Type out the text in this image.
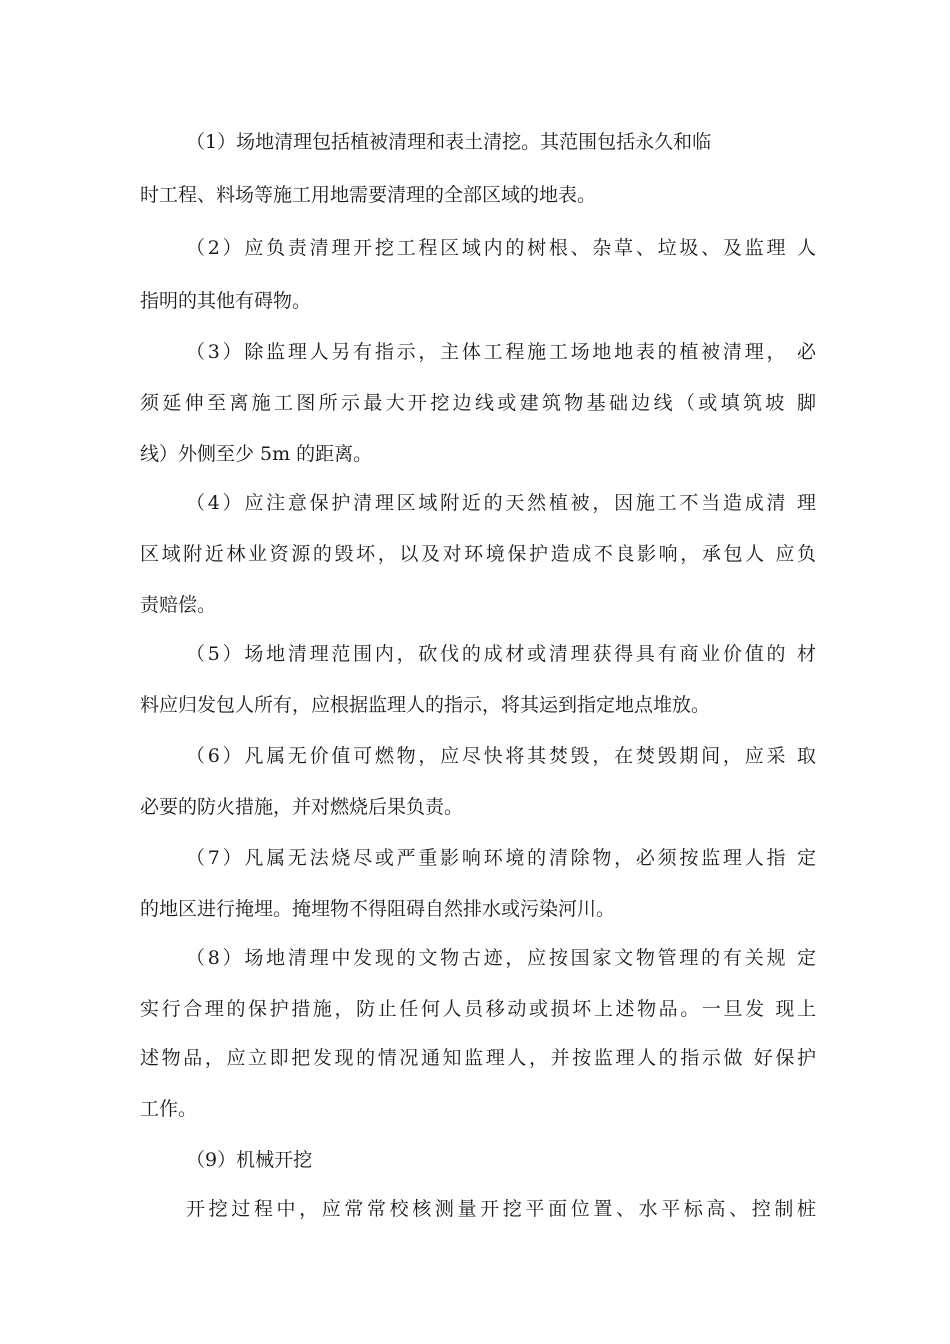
（1）场地清理包括植被清理和表土清挖。其范围包括永久和临
时工程、料场等施工用地需要清理的全部区域的地表。
（2）应负责清理开挖工程区域内的树根、杂草、垃圾、及监理 人
指明的其他有碍物。
（3）除监理人另有指示，主体工程施工场地地表的植被清理， 必
须延伸至离施工图所示最大开挖边线或建筑物基础边线（或填筑坡 脚
线）外侧至少 5m 的距离。
（4）应注意保护清理区域附近的天然植被，因施工不当造成清 理
区域附近林业资源的毁坏，以及对环境保护造成不良影响，承包人 应负
责赔偿。
（5）场地清理范围内，砍伐的成材或清理获得具有商业价值的 材
料应归发包人所有，应根据监理人的指示，将其运到指定地点堆放。
（6）凡属无价值可燃物，应尽快将其焚毁，在焚毁期间，应采 取
必要的防火措施，并对燃烧后果负责。
（7）凡属无法烧尽或严重影响环境的清除物，必须按监理人指 定
的地区进行掩埋。掩埋物不得阻碍自然排水或污染河川。
（8）场地清理中发现的文物古迹，应按国家文物管理的有关规 定
实行合理的保护措施，防止任何人员移动或损坏上述物品。一旦发 现上
述物品，应立即把发现的情况通知监理人，并按监理人的指示做 好保护
工作。
（9）机械开挖
开挖过程中，应常常校核测量开挖平面位置、水平标高、控制桩
